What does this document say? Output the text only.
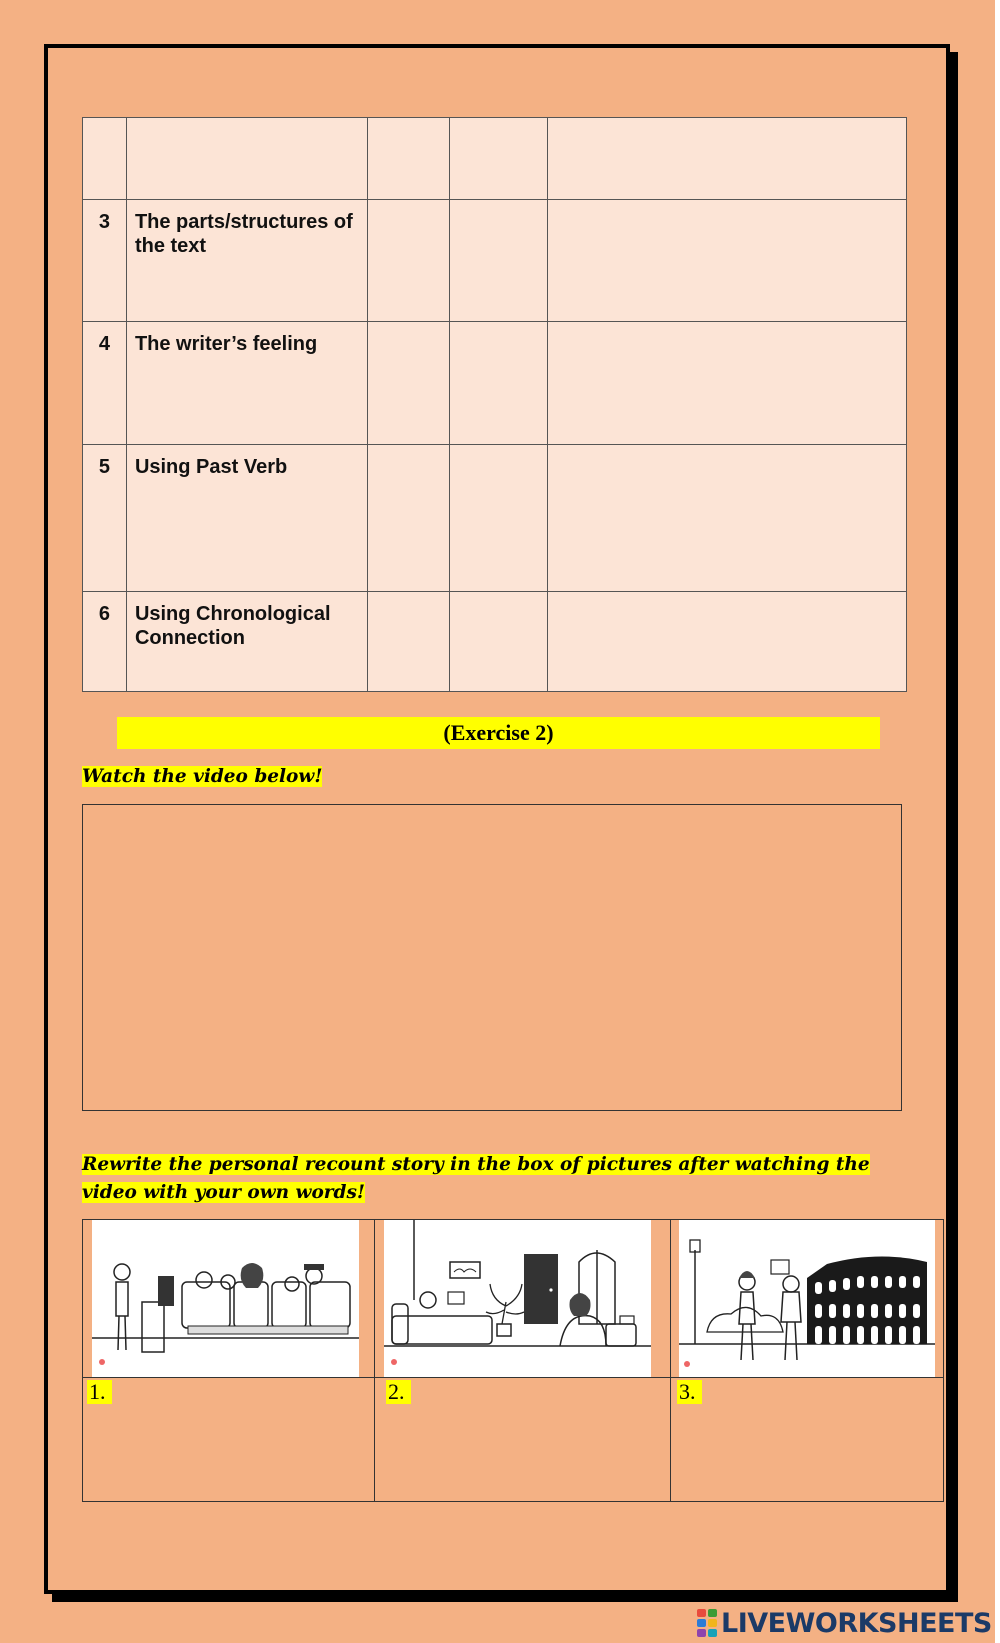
3	The parts/structures of the text			
4	The writer’s feeling			
5	Using Past Verb			
6	Using Chronological Connection			
(Exercise 2)
Watch the video below!
Rewrite the personal recount story in the box of pictures after watching the video with your own words!
1.	2.	3.
LIVEWORKSHEETS
